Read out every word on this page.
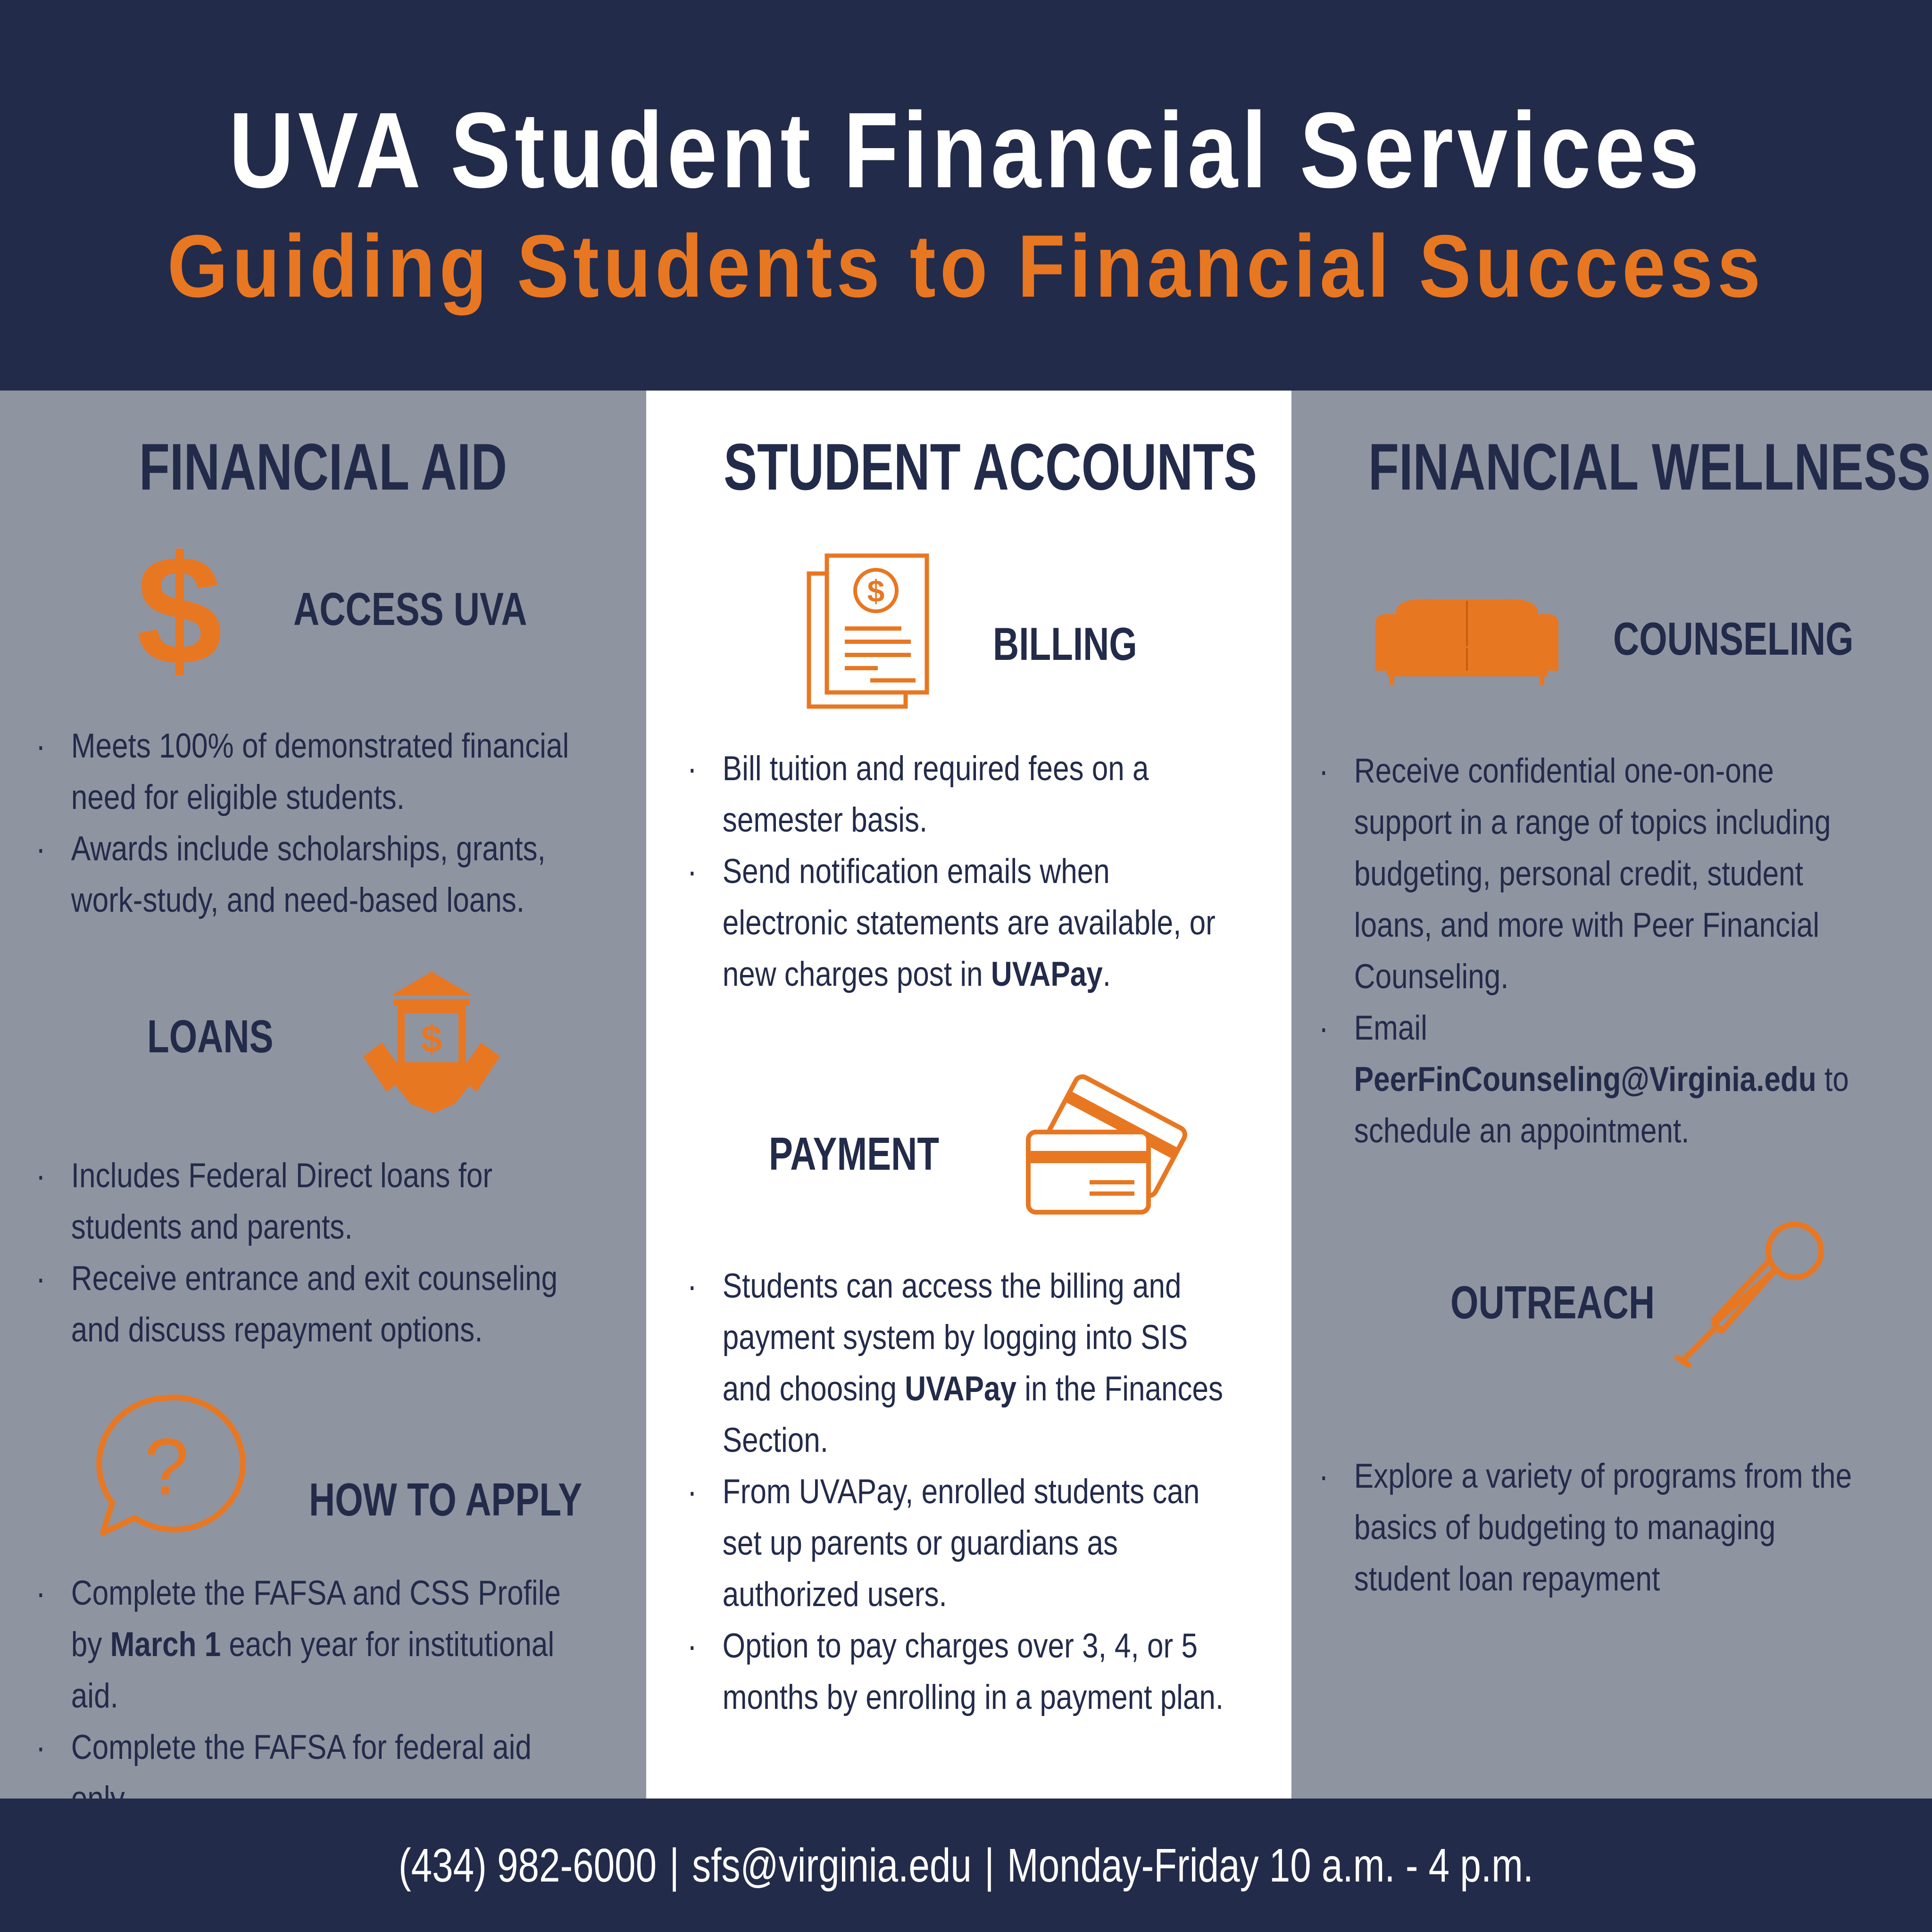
UVA Student Financial Services
Guiding Students to Financial Success
FINANCIAL AID
$ ACCESS UVA
· Meets 100% of demonstrated financial need for eligible students.
· Awards include scholarships, grants, work-study, and need-based loans.
LOANS	$
· Includes Federal Direct loans for students and parents.
· Receive entrance and exit counseling and discuss repayment options.
?	HOW TO APPLY
· Complete the FAFSA and CSS Profile by March 1 each year for institutional aid.
· Complete the FAFSA for federal aid
STUDENT ACCOUNTS
$
BILLING
· Bill tuition and required fees on a semester basis.
· Send notification emails when electronic statements are available, or new charges post in UVAPay.
PAYMENT
· Students can access the billing and payment system by logging into SIS and choosing UVAPay in the Finances Section.
· From UVAPay, enrolled students can set up parents or guardians as authorized users.
· Option to pay charges over 3, 4, or 5 months by enrolling in a payment plan.
FINANCIAL WELLNESS
COUNSELING
· Receive confidential one-on-one support in a range of topics including budgeting, personal credit, student loans, and more with Peer Financial Counseling.
· Email PeerFinCounseling@Virginia.edu to schedule an appointment.
OUTREACH
· Explore a variety of programs from the basics of budgeting to managing student loan repayment
(434) 982-6000 | sfs@virginia.edu | Monday-Friday 10 a.m. - 4 p.m.
